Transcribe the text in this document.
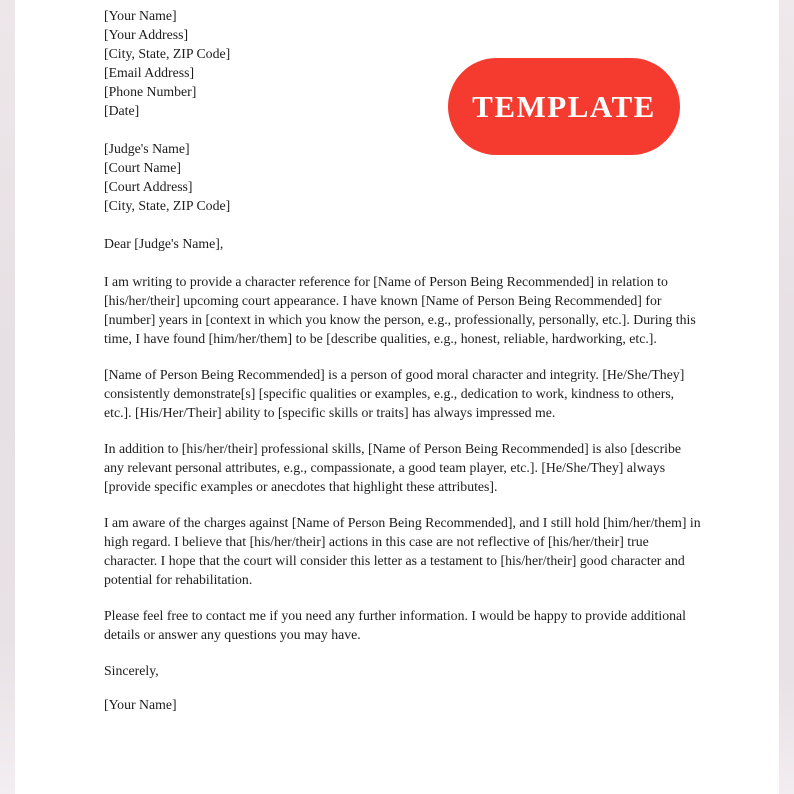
[Your Name]
[Your Address]
[City, State, ZIP Code]
[Email Address]
[Phone Number]
[Date]
[Judge's Name]
[Court Name]
[Court Address]
[City, State, ZIP Code]
Dear [Judge's Name],

I am writing to provide a character reference for [Name of Person Being Recommended] in relation to [his/her/their] upcoming court appearance. I have known [Name of Person Being Recommended] for [number] years in [context in which you know the person, e.g., professionally, personally, etc.]. During this time, I have found [him/her/them] to be [describe qualities, e.g., honest, reliable, hardworking, etc.].

[Name of Person Being Recommended] is a person of good moral character and integrity. [He/She/They] consistently demonstrate[s] [specific qualities or examples, e.g., dedication to work, kindness to others, etc.]. [His/Her/Their] ability to [specific skills or traits] has always impressed me.

In addition to [his/her/their] professional skills, [Name of Person Being Recommended] is also [describe any relevant personal attributes, e.g., compassionate, a good team player, etc.]. [He/She/They] always [provide specific examples or anecdotes that highlight these attributes].

I am aware of the charges against [Name of Person Being Recommended], and I still hold [him/her/them] in high regard. I believe that [his/her/their] actions in this case are not reflective of [his/her/their] true character. I hope that the court will consider this letter as a testament to [his/her/their] good character and potential for rehabilitation.

Please feel free to contact me if you need any further information. I would be happy to provide additional details or answer any questions you may have.

Sincerely,
[Your Name]
TEMPLATE
